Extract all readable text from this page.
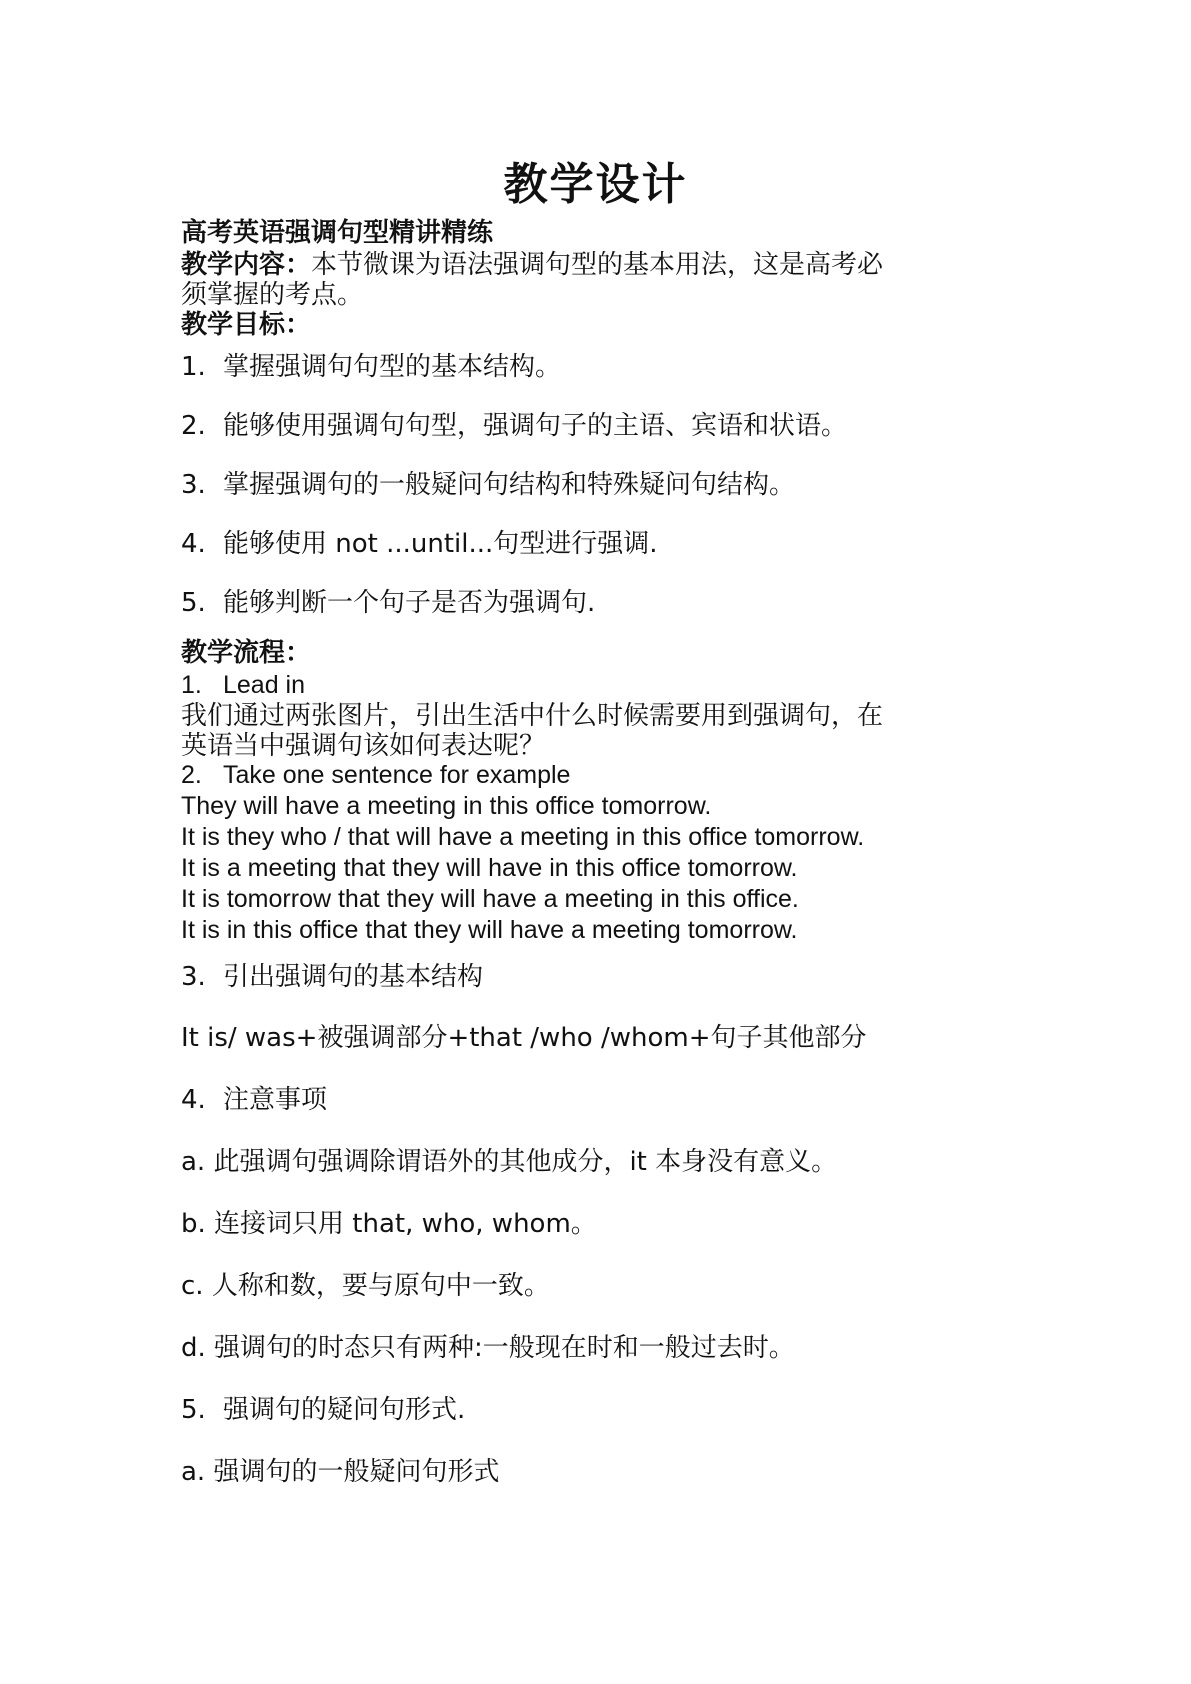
教学设计
高考英语强调句型精讲精练
教学内容：本节微课为语法强调句型的基本用法，这是高考必
须掌握的考点。
教学目标：
1. 掌握强调句句型的基本结构。
2. 能够使用强调句句型，强调句子的主语、宾语和状语。
3. 掌握强调句的一般疑问句结构和特殊疑问句结构。
4. 能够使用 not ...until...句型进行强调.
5. 能够判断一个句子是否为强调句.
教学流程：
1. Lead in
我们通过两张图片，引出生活中什么时候需要用到强调句，在
英语当中强调句该如何表达呢？
2. Take one sentence for example
They will have a meeting in this office tomorrow.
It is they who / that will have a meeting in this office tomorrow.
It is a meeting that they will have in this office tomorrow.
It is tomorrow that they will have a meeting in this office.
It is in this office that they will have a meeting tomorrow.
3. 引出强调句的基本结构
It is/ was+被强调部分+that /who /whom+句子其他部分
4. 注意事项
a. 此强调句强调除谓语外的其他成分，it 本身没有意义。
b. 连接词只用 that, who, whom。
c. 人称和数，要与原句中一致。
d. 强调句的时态只有两种:一般现在时和一般过去时。
5. 强调句的疑问句形式.
a. 强调句的一般疑问句形式
